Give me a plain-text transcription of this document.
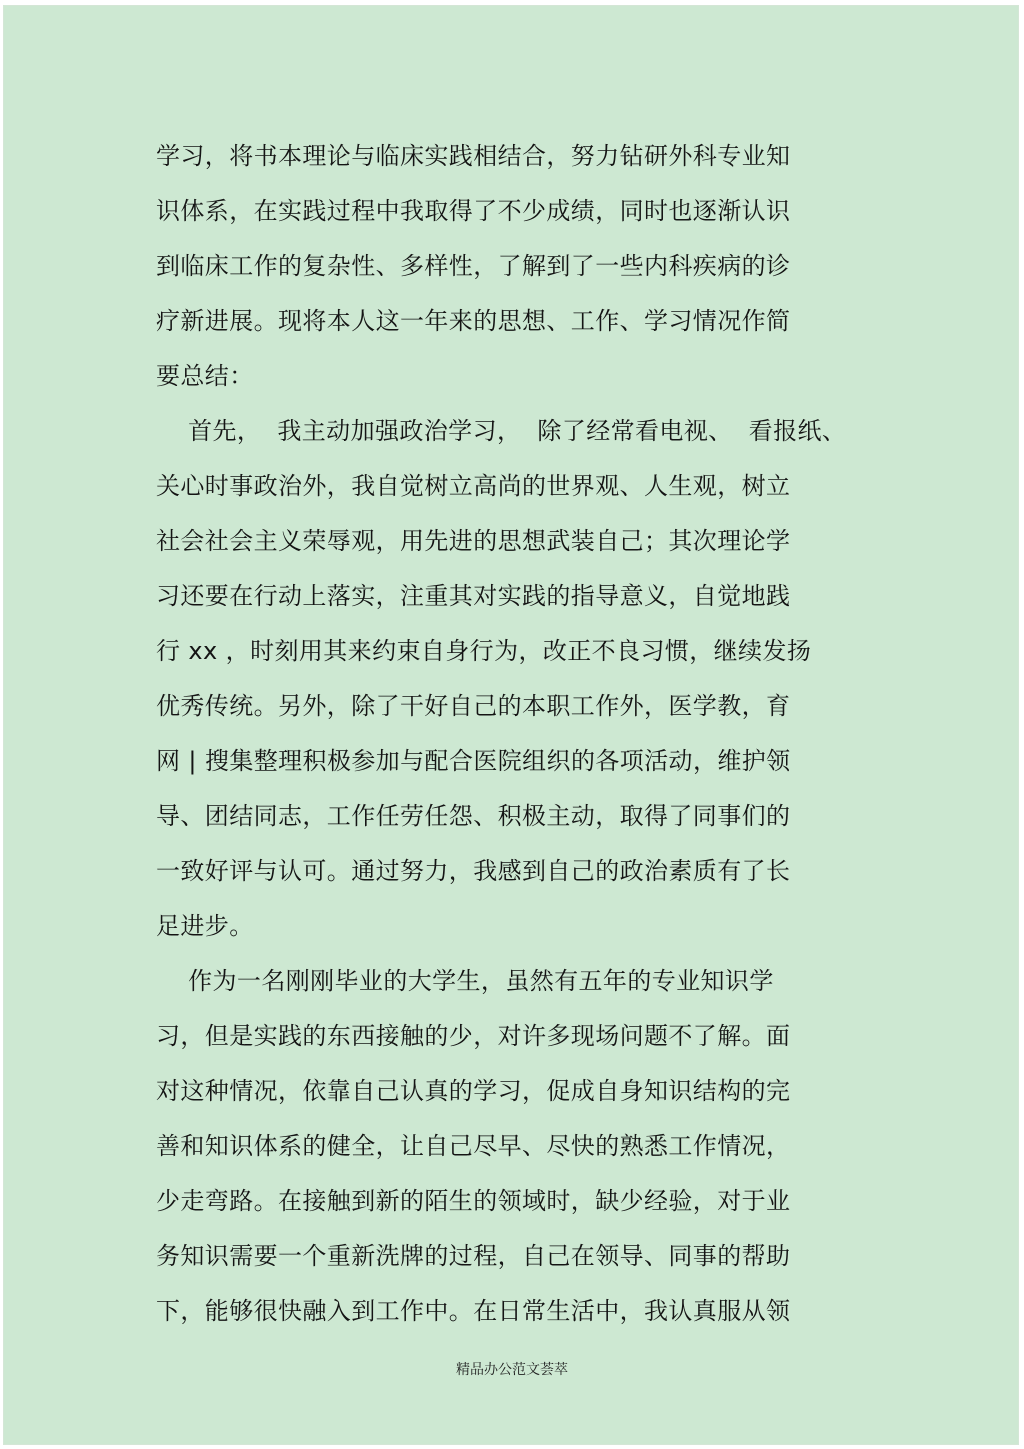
学习，将书本理论与临床实践相结合，努力钻研外科专业知
识体系，在实践过程中我取得了不少成绩，同时也逐渐认识
到临床工作的复杂性、多样性，了解到了一些内科疾病的诊
疗新进展。现将本人这一年来的思想、工作、学习情况作简
要总结：
首先，  我主动加强政治学习，  除了经常看电视、  看报纸、
关心时事政治外，我自觉树立高尚的世界观、人生观，树立
社会社会主义荣辱观，用先进的思想武装自己；其次理论学
习还要在行动上落实，注重其对实践的指导意义，自觉地践
行 xx ，时刻用其来约束自身行为，改正不良习惯，继续发扬
优秀传统。另外，除了干好自己的本职工作外，医学教，育
网 | 搜集整理积极参加与配合医院组织的各项活动，维护领
导、团结同志，工作任劳任怨、积极主动，取得了同事们的
一致好评与认可。通过努力，我感到自己的政治素质有了长
足进步。
作为一名刚刚毕业的大学生，虽然有五年的专业知识学
习，但是实践的东西接触的少，对许多现场问题不了解。面
对这种情况，依靠自己认真的学习，促成自身知识结构的完
善和知识体系的健全，让自己尽早、尽快的熟悉工作情况，
少走弯路。在接触到新的陌生的领域时，缺少经验，对于业
务知识需要一个重新洗牌的过程，自己在领导、同事的帮助
下，能够很快融入到工作中。在日常生活中，我认真服从领
精品办公范文荟萃
